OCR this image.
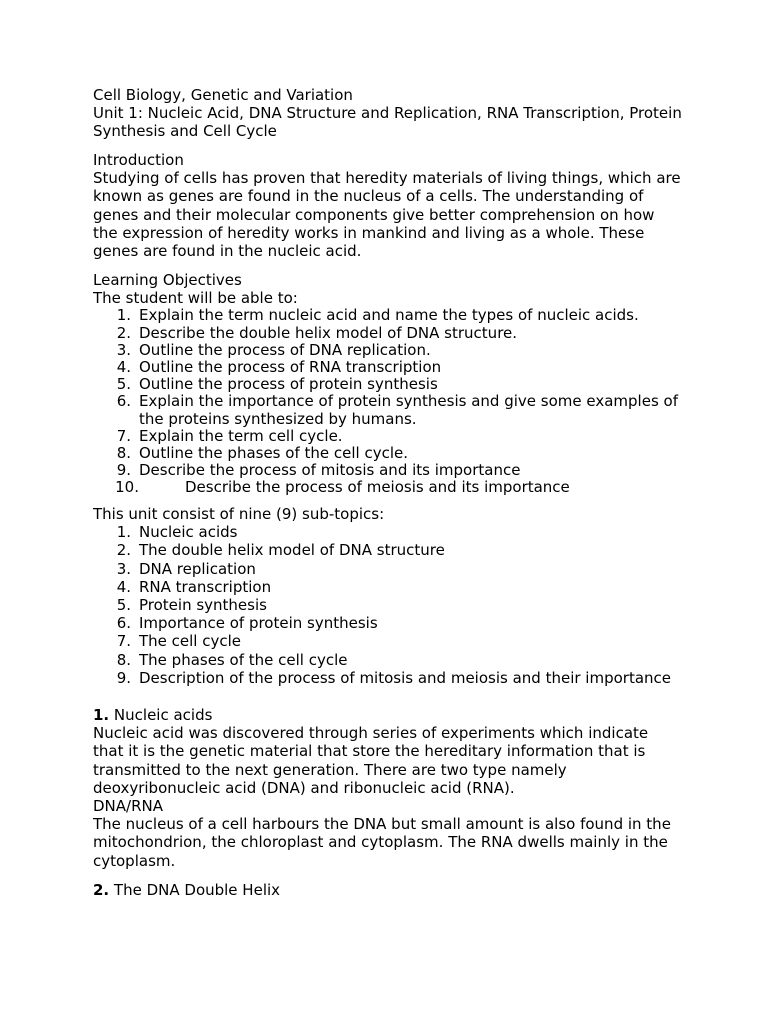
Cell Biology, Genetic and Variation

Unit 1: Nucleic Acid, DNA Structure and Replication, RNA Transcription, Protein Synthesis and Cell Cycle

Introduction

Studying of cells has proven that heredity materials of living things, which are known as genes are found in the nucleus of a cells. The understanding of genes and their molecular components give better comprehension on how the expression of heredity works in mankind and living as a whole. These genes are found in the nucleic acid.

Learning Objectives

The student will be able to:

1. Explain the term nucleic acid and name the types of nucleic acids.
2. Describe the double helix model of DNA structure.
3. Outline the process of DNA replication.
4. Outline the process of RNA transcription
5. Outline the process of protein synthesis
6. Explain the importance of protein synthesis and give some examples of the proteins synthesized by humans.
7. Explain the term cell cycle.
8. Outline the phases of the cell cycle.
9. Describe the process of mitosis and its importance
10.	Describe the process of meiosis and its importance

This unit consist of nine (9) sub-topics:

1. Nucleic acids
2. The double helix model of DNA structure
3. DNA replication
4. RNA transcription
5. Protein synthesis
6. Importance of protein synthesis
7. The cell cycle
8. The phases of the cell cycle
9. Description of the process of mitosis and meiosis and their importance

1. Nucleic acids

Nucleic acid was discovered through series of experiments which indicate that it is the genetic material that store the hereditary information that is transmitted to the next generation. There are two type namely deoxyribonucleic acid (DNA) and ribonucleic acid (RNA).

DNA/RNA

The nucleus of a cell harbours the DNA but small amount is also found in the mitochondrion, the chloroplast and cytoplasm. The RNA dwells mainly in the cytoplasm.

2. The DNA Double Helix
